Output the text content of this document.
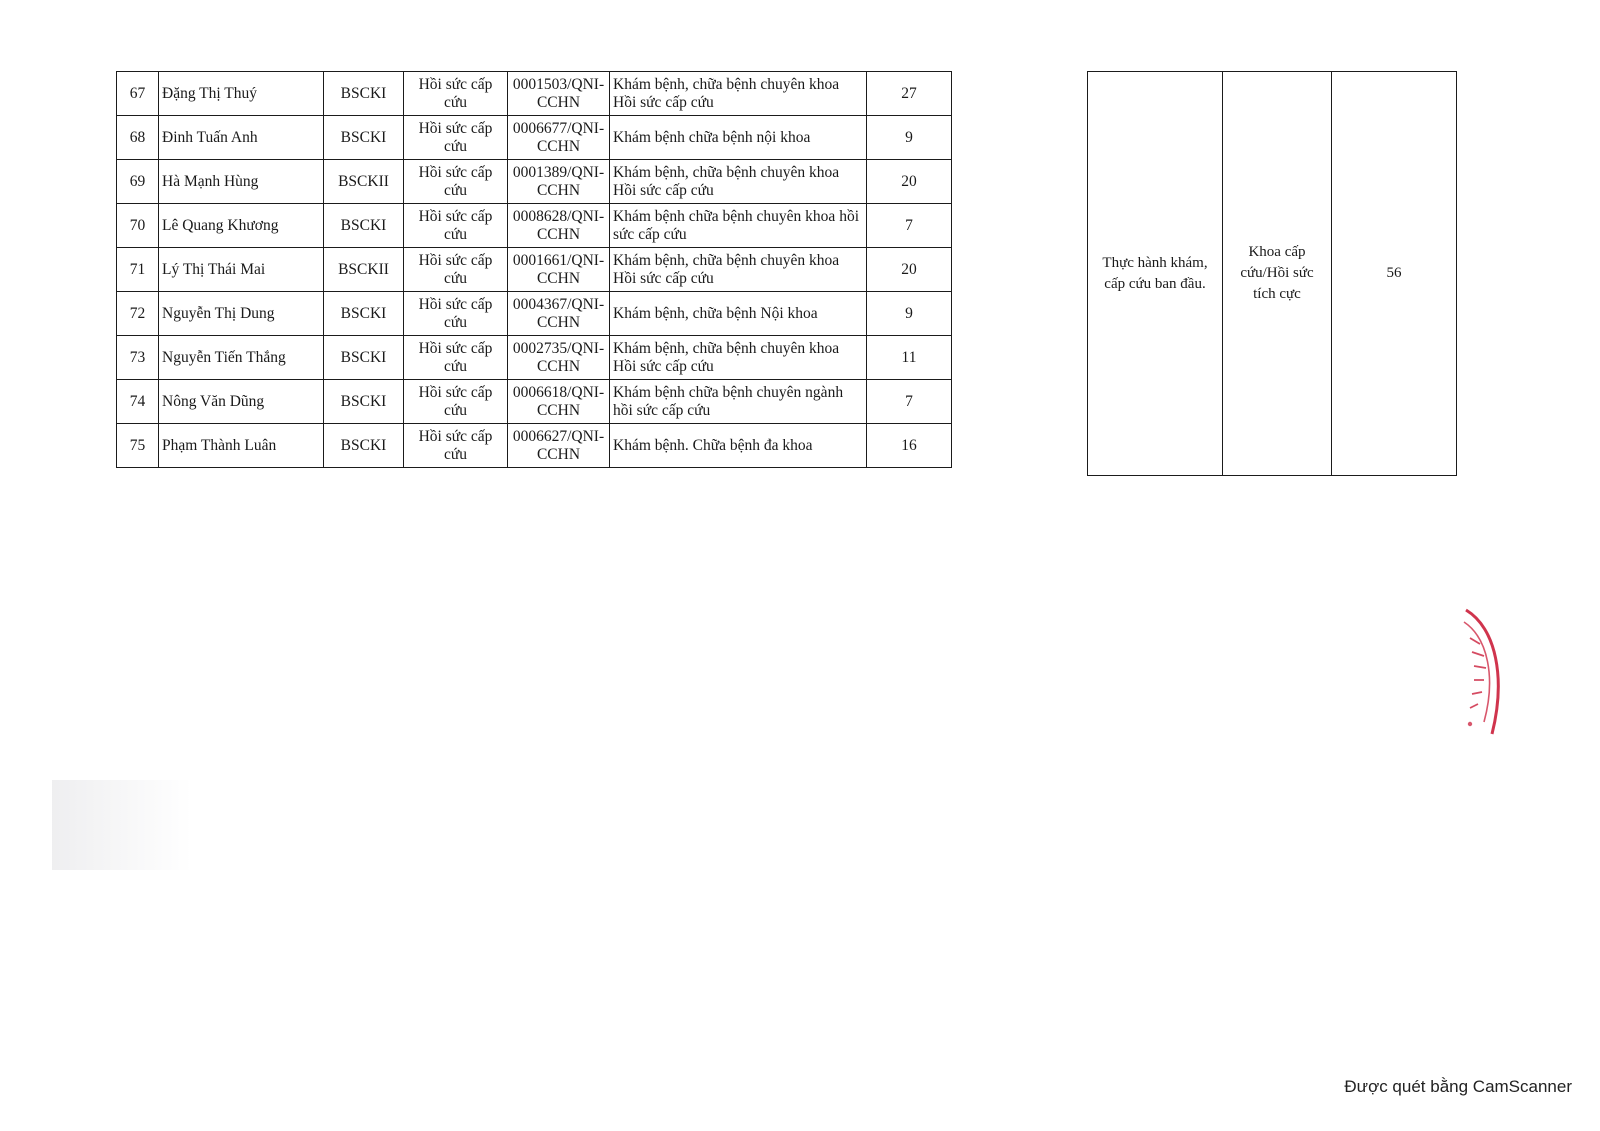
67	Đặng Thị Thuý	BSCKI	Hồi sức cấp cứu	0001503/QNI-CCHN	Khám bệnh, chữa bệnh chuyên khoa Hồi sức cấp cứu	27
68	Đinh Tuấn Anh	BSCKI	Hồi sức cấp cứu	0006677/QNI-CCHN	Khám bệnh chữa bệnh nội khoa	9
69	Hà Mạnh Hùng	BSCKII	Hồi sức cấp cứu	0001389/QNI-CCHN	Khám bệnh, chữa bệnh chuyên khoa Hồi sức cấp cứu	20
70	Lê Quang Khương	BSCKI	Hồi sức cấp cứu	0008628/QNI-CCHN	Khám bệnh chữa bệnh chuyên khoa hồi sức cấp cứu	7
71	Lý Thị Thái Mai	BSCKII	Hồi sức cấp cứu	0001661/QNI-CCHN	Khám bệnh, chữa bệnh chuyên khoa Hồi sức cấp cứu	20
72	Nguyễn Thị Dung	BSCKI	Hồi sức cấp cứu	0004367/QNI-CCHN	Khám bệnh, chữa bệnh Nội khoa	9
73	Nguyễn Tiến Thắng	BSCKI	Hồi sức cấp cứu	0002735/QNI-CCHN	Khám bệnh, chữa bệnh chuyên khoa Hồi sức cấp cứu	11
74	Nông Văn Dũng	BSCKI	Hồi sức cấp cứu	0006618/QNI-CCHN	Khám bệnh chữa bệnh chuyên ngành hồi sức cấp cứu	7
75	Phạm Thành Luân	BSCKI	Hồi sức cấp cứu	0006627/QNI-CCHN	Khám bệnh. Chữa bệnh đa khoa	16
Thực hành khám, cấp cứu ban đầu.	Khoa cấp cứu/Hồi sức tích cực	56
Được quét bằng CamScanner
